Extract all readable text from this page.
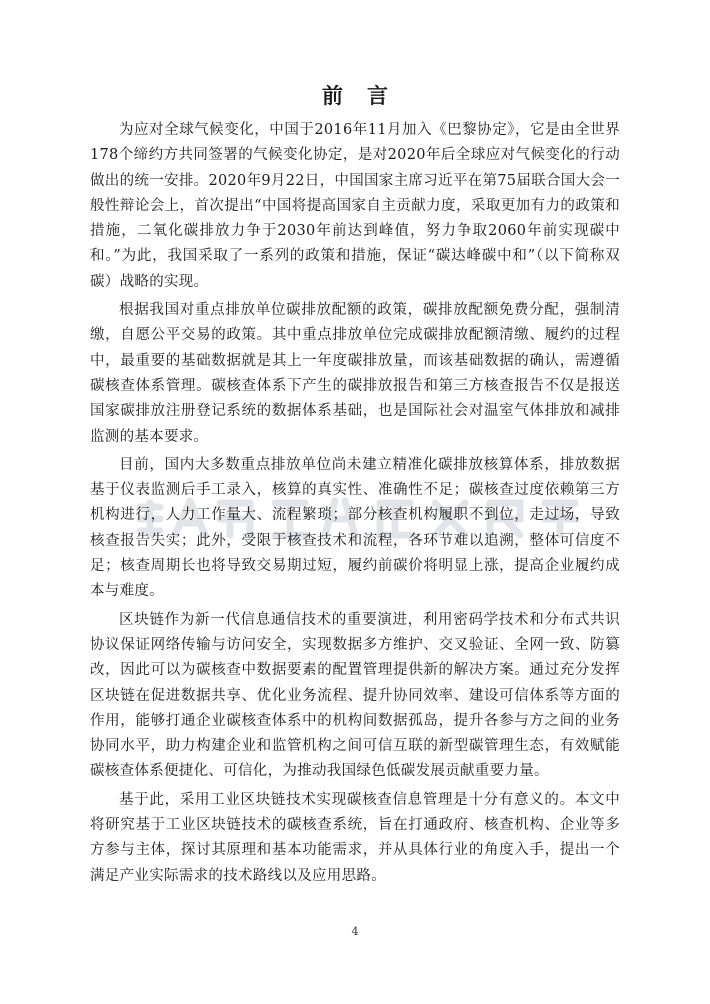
前 言

为应对全球气候变化，中国于2016年11月加入《巴黎协定》，它是由全世界178个缔约方共同签署的气候变化协定，是对2020年后全球应对气候变化的行动做出的统一安排。2020年9月22日，中国国家主席习近平在第75届联合国大会一般性辩论会上，首次提出“中国将提高国家自主贡献力度，采取更加有力的政策和措施，二氧化碳排放力争于2030年前达到峰值，努力争取2060年前实现碳中和。”为此，我国采取了一系列的政策和措施，保证“碳达峰碳中和”（以下简称双碳）战略的实现。

根据我国对重点排放单位碳排放配额的政策，碳排放配额免费分配，强制清缴，自愿公平交易的政策。其中重点排放单位完成碳排放配额清缴、履约的过程中，最重要的基础数据就是其上一年度碳排放量，而该基础数据的确认，需遵循碳核查体系管理。碳核查体系下产生的碳排放报告和第三方核查报告不仅是报送国家碳排放注册登记系统的数据体系基础，也是国际社会对温室气体排放和减排监测的基本要求。

目前，国内大多数重点排放单位尚未建立精准化碳排放核算体系，排放数据基于仪表监测后手工录入，核算的真实性、准确性不足；碳核查过度依赖第三方机构进行，人力工作量大、流程繁琐；部分核查机构履职不到位，走过场，导致核查报告失实；此外，受限于核查技术和流程，各环节难以追溯，整体可信度不足；核查周期长也将导致交易期过短，履约前碳价将明显上涨，提高企业履约成本与难度。

区块链作为新一代信息通信技术的重要演进，利用密码学技术和分布式共识协议保证网络传输与访问安全，实现数据多方维护、交叉验证、全网一致、防篡改，因此可以为碳核查中数据要素的配置管理提供新的解决方案。通过充分发挥区块链在促进数据共享、优化业务流程、提升协同效率、建设可信体系等方面的作用，能够打通企业碳核查体系中的机构间数据孤岛，提升各参与方之间的业务协同水平，助力构建企业和监管机构之间可信互联的新型碳管理生态，有效赋能碳核查体系便捷化、可信化，为推动我国绿色低碳发展贡献重要力量。

基于此，采用工业区块链技术实现碳核查信息管理是十分有意义的。本文中将研究基于工业区块链技术的碳核查系统，旨在打通政府、核查机构、企业等多方参与主体，探讨其原理和基本功能需求，并从具体行业的角度入手，提出一个满足产业实际需求的技术路线以及应用思路。

4
